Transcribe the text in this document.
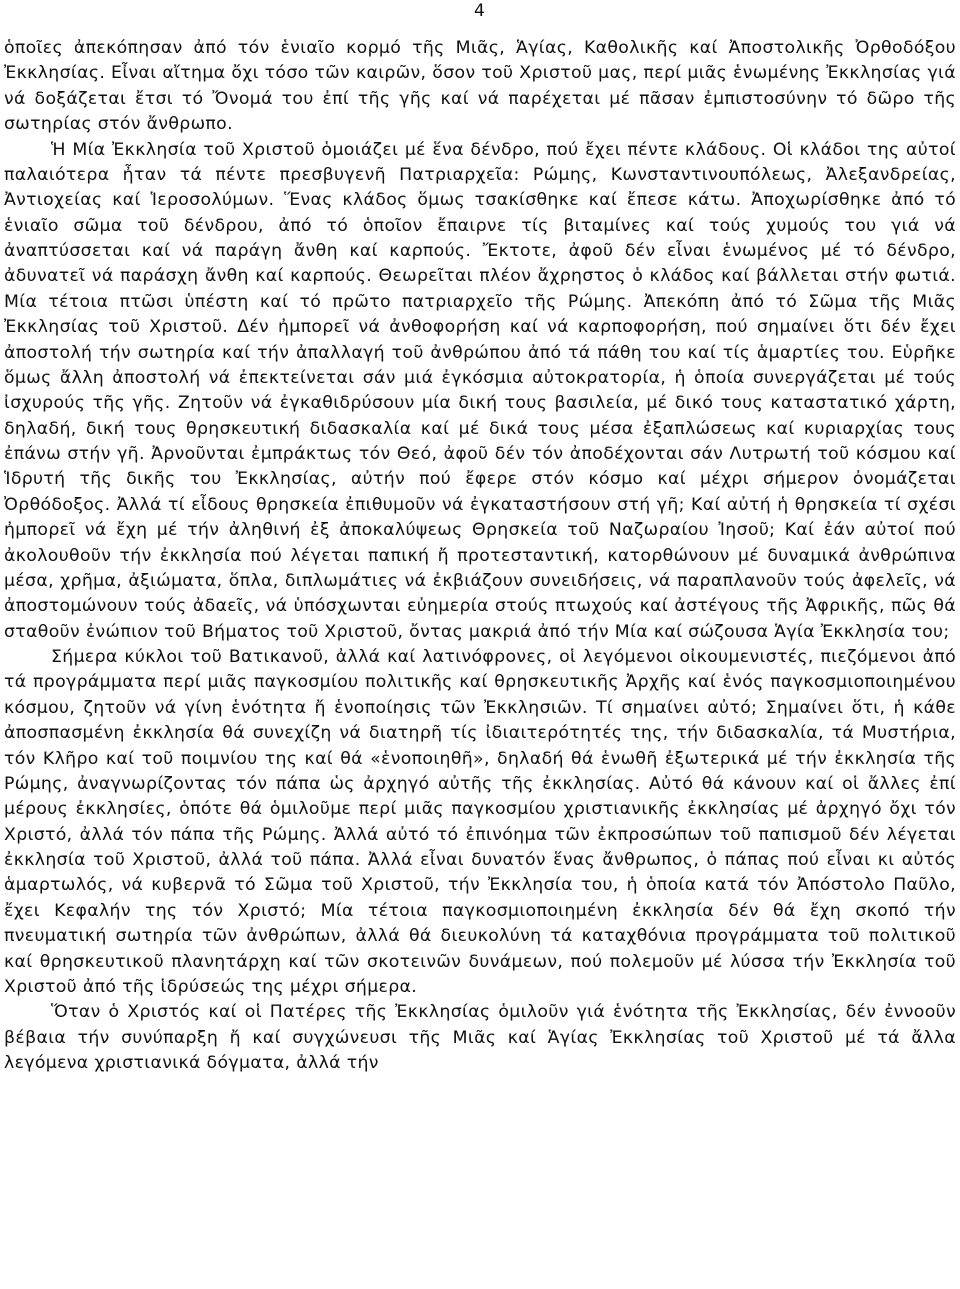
4

ὁποῖες ἀπεκόπησαν ἀπό τόν ἑνιαῖο κορμό τῆς Μιᾶς, Ἁγίας, Καθολικῆς καί Ἀποστολικῆς Ὀρθοδόξου Ἐκκλησίας. Εἶναι αἴτημα ὄχι τόσο τῶν καιρῶν, ὅσον τοῦ Χριστοῦ μας, περί μιᾶς ἑνωμένης Ἐκκλησίας γιά νά δοξάζεται ἔτσι τό Ὄνομά του ἐπί τῆς γῆς καί νά παρέχεται μέ πᾶσαν ἐμπιστοσύνην τό δῶρο τῆς σωτηρίας στόν ἄνθρωπο.

Ἡ Μία Ἐκκλησία τοῦ Χριστοῦ ὁμοιάζει μέ ἕνα δένδρο, πού ἔχει πέντε κλάδους. Οἱ κλάδοι της αὐτοί παλαιότερα ἦταν τά πέντε πρεσβυγενῆ Πατριαρχεῖα: Ρώμης, Κωνσταντινουπόλεως, Ἀλεξανδρείας, Ἀντιοχείας καί Ἱεροσολύμων. Ἕνας κλάδος ὅμως τσακίσθηκε καί ἔπεσε κάτω. Ἀποχωρίσθηκε ἀπό τό ἑνιαῖο σῶμα τοῦ δένδρου, ἀπό τό ὁποῖον ἔπαιρνε τίς βιταμίνες καί τούς χυμούς του γιά νά ἀναπτύσσεται καί νά παράγη ἄνθη καί καρπούς. Ἔκτοτε, ἀφοῦ δέν εἶναι ἑνωμένος μέ τό δένδρο, ἀδυνατεῖ νά παράσχη ἄνθη καί καρπούς. Θεωρεῖται πλέον ἄχρηστος ὁ κλάδος καί βάλλεται στήν φωτιά. Μία τέτοια πτῶσι ὑπέστη καί τό πρῶτο πατριαρχεῖο τῆς Ρώμης. Ἀπεκόπη ἀπό τό Σῶμα τῆς Μιᾶς Ἐκκλησίας τοῦ Χριστοῦ. Δέν ἠμπορεῖ νά ἀνθοφορήση καί νά καρποφορήση, πού σημαίνει ὅτι δέν ἔχει ἀποστολή τήν σωτηρία καί τήν ἀπαλλαγή τοῦ ἀνθρώπου ἀπό τά πάθη του καί τίς ἁμαρτίες του. Εὑρῆκε ὅμως ἄλλη ἀποστολή νά ἐπεκτείνεται σάν μιά ἐγκόσμια αὐτοκρατορία, ἡ ὁποία συνεργάζεται μέ τούς ἰσχυρούς τῆς γῆς. Ζητοῦν νά ἐγκαθιδρύσουν μία δική τους βασιλεία, μέ δικό τους καταστατικό χάρτη, δηλαδή, δική τους θρησκευτική διδασκαλία καί μέ δικά τους μέσα ἐξαπλώσεως καί κυριαρχίας τους ἐπάνω στήν γῆ. Ἀρνοῦνται ἐμπράκτως τόν Θεό, ἀφοῦ δέν τόν ἀποδέχονται σάν Λυτρωτή τοῦ κόσμου καί Ἱδρυτή τῆς δικῆς του Ἐκκλησίας, αὐτήν πού ἔφερε στόν κόσμο καί μέχρι σήμερον ὀνομάζεται Ὀρθόδοξος. Ἀλλά τί εἶδους θρησκεία ἐπιθυμοῦν νά ἐγκαταστήσουν στή γῆ; Καί αὐτή ἡ θρησκεία τί σχέσι ἠμπορεῖ νά ἔχη μέ τήν ἀληθινή ἐξ ἀποκαλύψεως Θρησκεία τοῦ Ναζωραίου Ἰησοῦ; Καί ἐάν αὐτοί πού ἀκολουθοῦν τήν ἐκκλησία πού λέγεται παπική ἤ προτεσταντική, κατορθώνουν μέ δυναμικά ἀνθρώπινα μέσα, χρῆμα, ἀξιώματα, ὅπλα, διπλωμάτιες νά ἐκβιάζουν συνειδήσεις, νά παραπλανοῦν τούς ἀφελεῖς, νά ἀποστομώνουν τούς ἀδαεῖς, νά ὑπόσχωνται εὐημερία στούς πτωχούς καί ἀστέγους τῆς Ἀφρικῆς, πῶς θά σταθοῦν ἐνώπιον τοῦ Βήματος τοῦ Χριστοῦ, ὄντας μακριά ἀπό τήν Μία καί σώζουσα Ἁγία Ἐκκλησία του;

Σήμερα κύκλοι τοῦ Βατικανοῦ, ἀλλά καί λατινόφρονες, οἱ λεγόμενοι οἰκουμενιστές, πιεζόμενοι ἀπό τά προγράμματα περί μιᾶς παγκοσμίου πολιτικῆς καί θρησκευτικῆς Ἀρχῆς καί ἑνός παγκοσμιοποιημένου κόσμου, ζητοῦν νά γίνη ἑνότητα ἤ ἑνοποίησις τῶν Ἐκκλησιῶν. Τί σημαίνει αὐτό; Σημαίνει ὅτι, ἡ κάθε ἀποσπασμένη ἐκκλησία θά συνεχίζη νά διατηρῆ τίς ἰδιαιτερότητές της, τήν διδασκαλία, τά Μυστήρια, τόν Κλῆρο καί τοῦ ποιμνίου της καί θά «ἑνοποιηθῆ», δηλαδή θά ἑνωθῆ ἐξωτερικά μέ τήν ἐκκλησία τῆς Ρώμης, ἀναγνωρίζοντας τόν πάπα ὡς ἀρχηγό αὐτῆς τῆς ἐκκλησίας. Αὐτό θά κάνουν καί οἱ ἄλλες ἐπί μέρους ἐκκλησίες, ὁπότε θά ὁμιλοῦμε περί μιᾶς παγκοσμίου χριστιανικῆς ἐκκλησίας μέ ἀρχηγό ὄχι τόν Χριστό, ἀλλά τόν πάπα τῆς Ρώμης. Ἀλλά αὐτό τό ἐπινόημα τῶν ἐκπροσώπων τοῦ παπισμοῦ δέν λέγεται ἐκκλησία τοῦ Χριστοῦ, ἀλλά τοῦ πάπα. Ἀλλά εἶναι δυνατόν ἕνας ἄνθρωπος, ὁ πάπας πού εἶναι κι αὐτός ἁμαρτωλός, νά κυβερνᾶ τό Σῶμα τοῦ Χριστοῦ, τήν Ἐκκλησία του, ἡ ὁποία κατά τόν Ἀπόστολο Παῦλο, ἔχει Κεφαλήν της τόν Χριστό; Μία τέτοια παγκοσμιοποιημένη ἐκκλησία δέν θά ἔχη σκοπό τήν πνευματική σωτηρία τῶν ἀνθρώπων, ἀλλά θά διευκολύνη τά καταχθόνια προγράμματα τοῦ πολιτικοῦ καί θρησκευτικοῦ πλανητάρχη καί τῶν σκοτεινῶν δυνάμεων, πού πολεμοῦν μέ λύσσα τήν Ἐκκλησία τοῦ Χριστοῦ ἀπό τῆς ἱδρύσεώς της μέχρι σήμερα.

Ὅταν ὁ Χριστός καί οἱ Πατέρες τῆς Ἐκκλησίας ὁμιλοῦν γιά ἑνότητα τῆς Ἐκκλησίας, δέν ἐννοοῦν βέβαια τήν συνύπαρξη ἤ καί συγχώνευσι τῆς Μιᾶς καί Ἁγίας Ἐκκλησίας τοῦ Χριστοῦ μέ τά ἄλλα λεγόμενα χριστιανικά δόγματα, ἀλλά τήν
